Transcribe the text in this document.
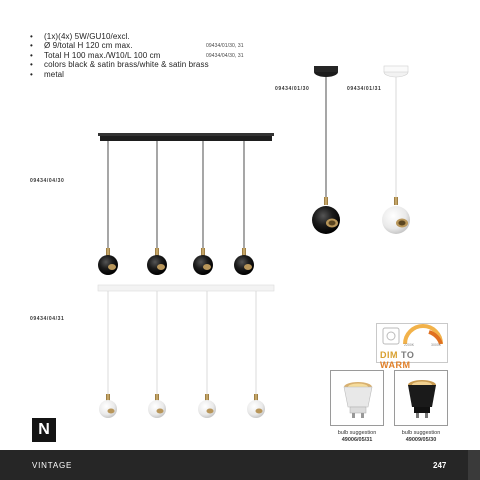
• (1x)(4x) 5W/GU10/excl.
• Ø 9/total H 120 cm max.	09434/01/30, 31
• Total H 100 max./W10/L 100 cm	09434/04/30, 31
• colors black & satin brass/white & satin brass
• metal
09434/01/30	09434/01/31
09434/04/30
09434/04/31
N
2200K	3000K
DIM TO WARM
bulb suggestion
49006/05/31
bulb suggestion
49009/05/30
VINTAGE	247
